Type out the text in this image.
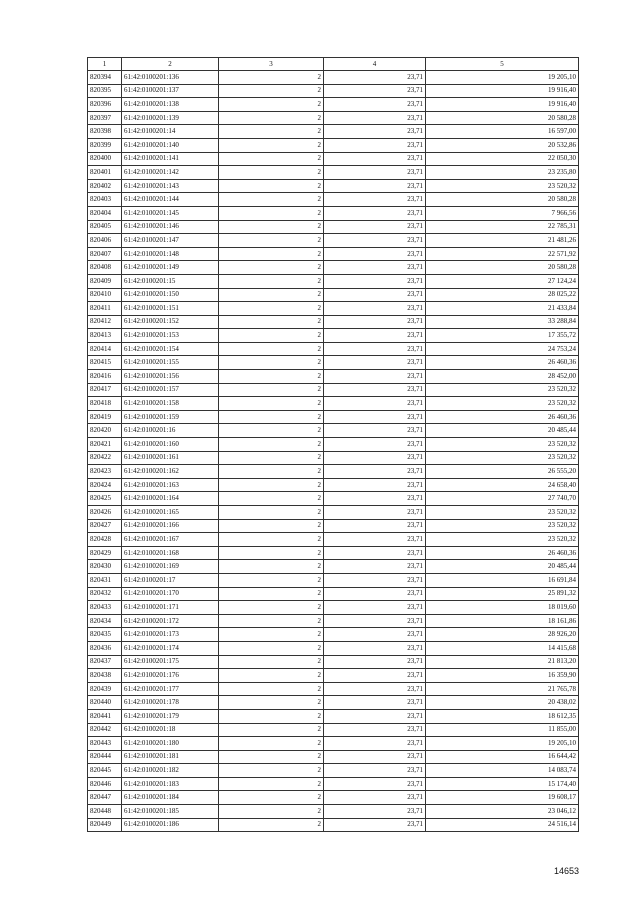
1	2	3	4	5
820394	61:42:0100201:136	2	23,71	19 205,10
820395	61:42:0100201:137	2	23,71	19 916,40
820396	61:42:0100201:138	2	23,71	19 916,40
820397	61:42:0100201:139	2	23,71	20 580,28
820398	61:42:0100201:14	2	23,71	16 597,00
820399	61:42:0100201:140	2	23,71	20 532,86
820400	61:42:0100201:141	2	23,71	22 050,30
820401	61:42:0100201:142	2	23,71	23 235,80
820402	61:42:0100201:143	2	23,71	23 520,32
820403	61:42:0100201:144	2	23,71	20 580,28
820404	61:42:0100201:145	2	23,71	7 966,56
820405	61:42:0100201:146	2	23,71	22 785,31
820406	61:42:0100201:147	2	23,71	21 481,26
820407	61:42:0100201:148	2	23,71	22 571,92
820408	61:42:0100201:149	2	23,71	20 580,28
820409	61:42:0100201:15	2	23,71	27 124,24
820410	61:42:0100201:150	2	23,71	28 025,22
820411	61:42:0100201:151	2	23,71	21 433,84
820412	61:42:0100201:152	2	23,71	33 288,84
820413	61:42:0100201:153	2	23,71	17 355,72
820414	61:42:0100201:154	2	23,71	24 753,24
820415	61:42:0100201:155	2	23,71	26 460,36
820416	61:42:0100201:156	2	23,71	28 452,00
820417	61:42:0100201:157	2	23,71	23 520,32
820418	61:42:0100201:158	2	23,71	23 520,32
820419	61:42:0100201:159	2	23,71	26 460,36
820420	61:42:0100201:16	2	23,71	20 485,44
820421	61:42:0100201:160	2	23,71	23 520,32
820422	61:42:0100201:161	2	23,71	23 520,32
820423	61:42:0100201:162	2	23,71	26 555,20
820424	61:42:0100201:163	2	23,71	24 658,40
820425	61:42:0100201:164	2	23,71	27 740,70
820426	61:42:0100201:165	2	23,71	23 520,32
820427	61:42:0100201:166	2	23,71	23 520,32
820428	61:42:0100201:167	2	23,71	23 520,32
820429	61:42:0100201:168	2	23,71	26 460,36
820430	61:42:0100201:169	2	23,71	20 485,44
820431	61:42:0100201:17	2	23,71	16 691,84
820432	61:42:0100201:170	2	23,71	25 891,32
820433	61:42:0100201:171	2	23,71	18 019,60
820434	61:42:0100201:172	2	23,71	18 161,86
820435	61:42:0100201:173	2	23,71	28 926,20
820436	61:42:0100201:174	2	23,71	14 415,68
820437	61:42:0100201:175	2	23,71	21 813,20
820438	61:42:0100201:176	2	23,71	16 359,90
820439	61:42:0100201:177	2	23,71	21 765,78
820440	61:42:0100201:178	2	23,71	20 438,02
820441	61:42:0100201:179	2	23,71	18 612,35
820442	61:42:0100201:18	2	23,71	11 855,00
820443	61:42:0100201:180	2	23,71	19 205,10
820444	61:42:0100201:181	2	23,71	16 644,42
820445	61:42:0100201:182	2	23,71	14 083,74
820446	61:42:0100201:183	2	23,71	15 174,40
820447	61:42:0100201:184	2	23,71	19 608,17
820448	61:42:0100201:185	2	23,71	23 046,12
820449	61:42:0100201:186	2	23,71	24 516,14
14653
